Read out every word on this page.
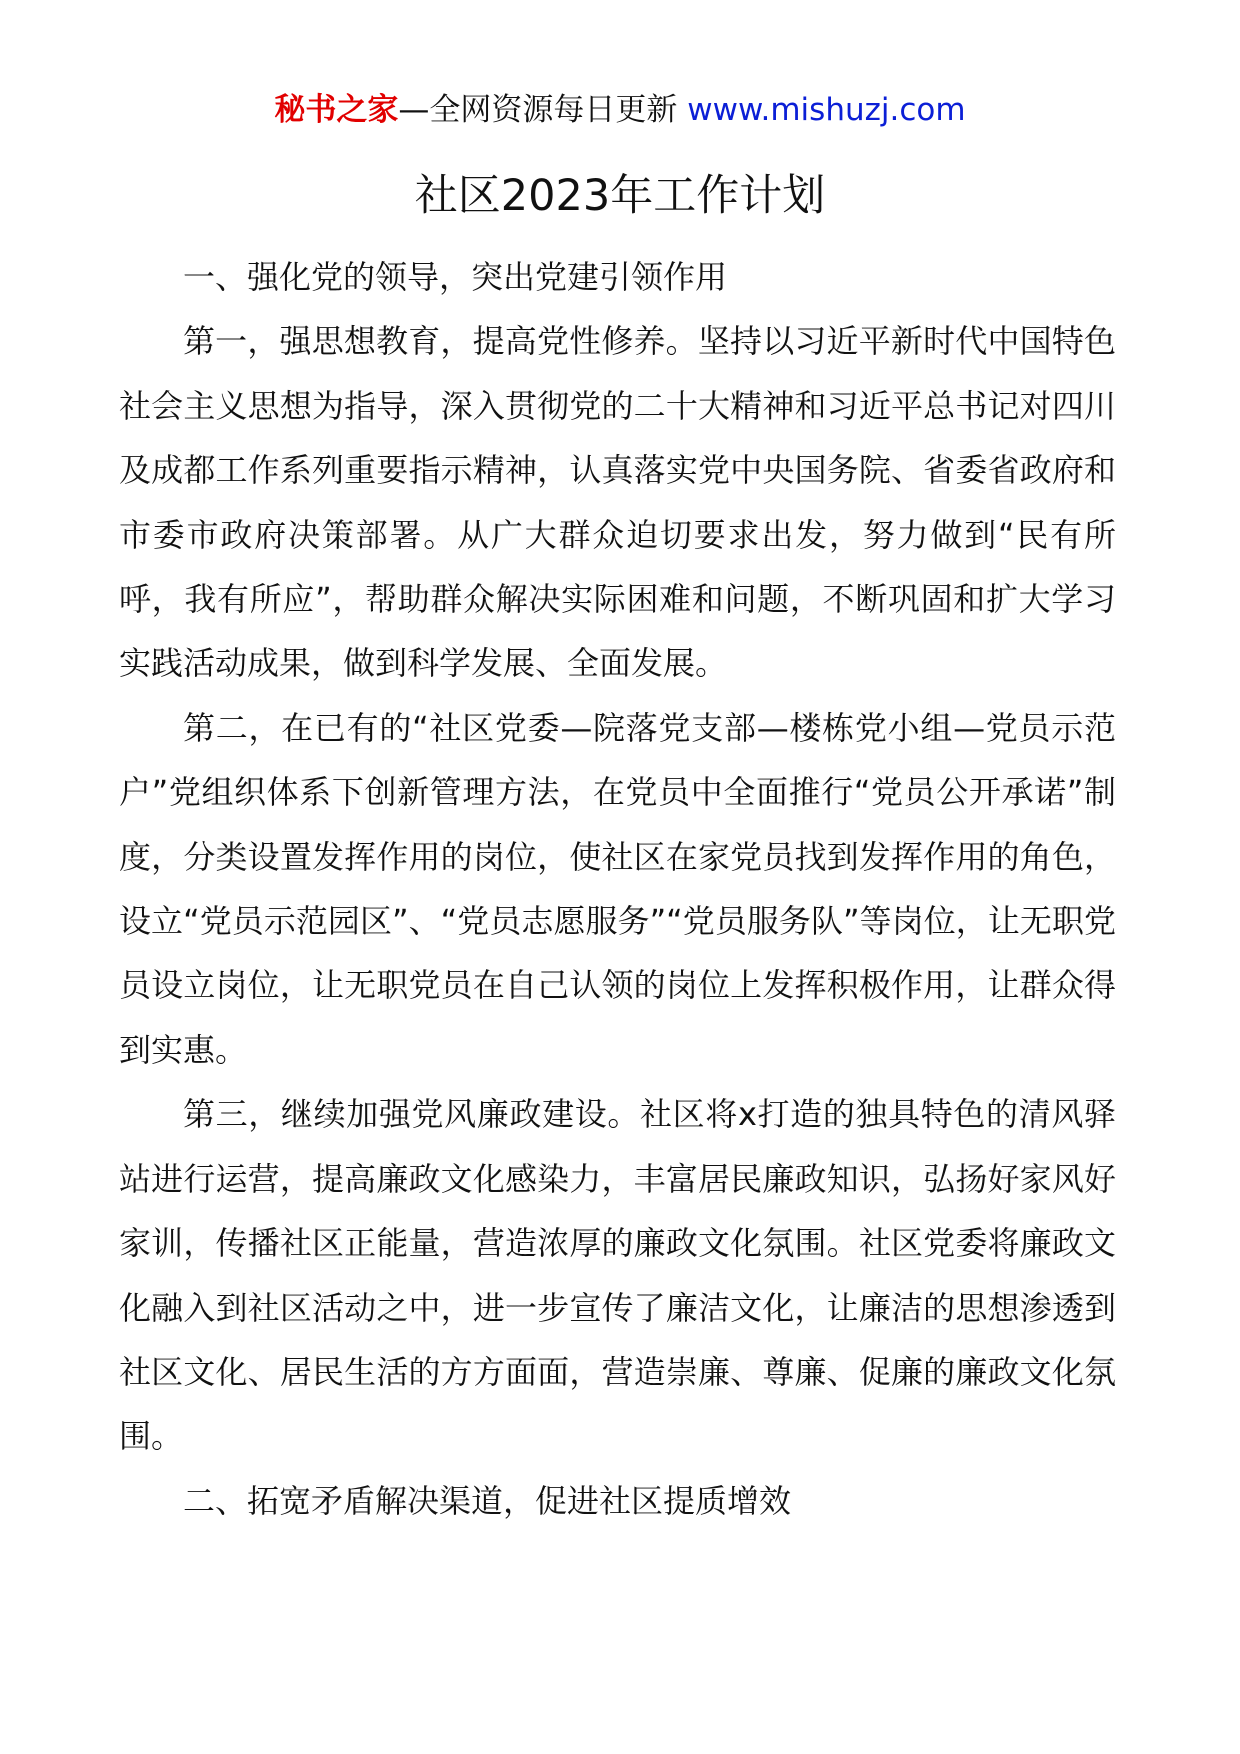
秘书之家—全网资源每日更新 www.mishuzj.com
社区2023年工作计划

一、强化党的领导，突出党建引领作用

第一，强思想教育，提高党性修养。坚持以习近平新时代中国特色社会主义思想为指导，深入贯彻党的二十大精神和习近平总书记对四川及成都工作系列重要指示精神，认真落实党中央国务院、省委省政府和市委市政府决策部署。从广大群众迫切要求出发，努力做到“民有所呼，我有所应”，帮助群众解决实际困难和问题，不断巩固和扩大学习实践活动成果，做到科学发展、全面发展。

第二，在已有的“社区党委—院落党支部—楼栋党小组—党员示范户”党组织体系下创新管理方法，在党员中全面推行“党员公开承诺”制度，分类设置发挥作用的岗位，使社区在家党员找到发挥作用的角色，设立“党员示范园区”、“党员志愿服务”“党员服务队”等岗位，让无职党员设立岗位，让无职党员在自己认领的岗位上发挥积极作用，让群众得到实惠。

第三，继续加强党风廉政建设。社区将x打造的独具特色的清风驿站进行运营，提高廉政文化感染力，丰富居民廉政知识，弘扬好家风好家训，传播社区正能量，营造浓厚的廉政文化氛围。社区党委将廉政文化融入到社区活动之中，进一步宣传了廉洁文化，让廉洁的思想渗透到社区文化、居民生活的方方面面，营造崇廉、尊廉、促廉的廉政文化氛围。

二、拓宽矛盾解决渠道，促进社区提质增效
